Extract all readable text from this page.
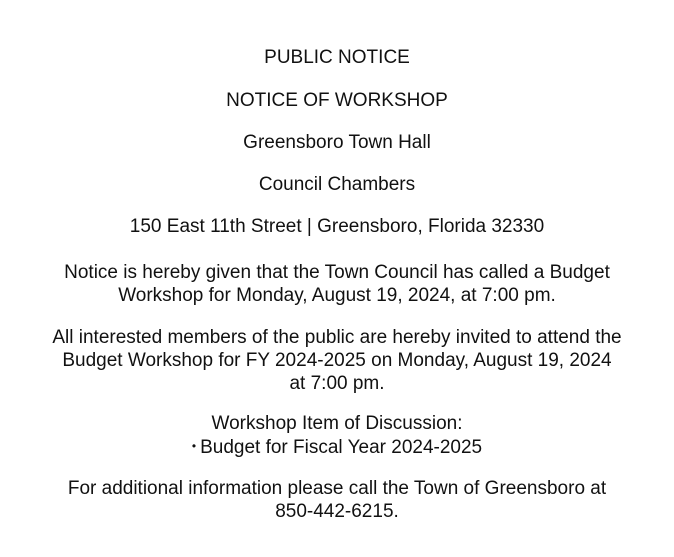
PUBLIC NOTICE
NOTICE OF WORKSHOP
Greensboro Town Hall
Council Chambers
150 East 11th Street | Greensboro, Florida 32330
Notice is hereby given that the Town Council has called a Budget
Workshop for Monday, August 19, 2024, at 7:00 pm.
All interested members of the public are hereby invited to attend the
Budget Workshop for FY 2024-2025 on Monday, August 19, 2024
at 7:00 pm.
Workshop Item of Discussion:
• Budget for Fiscal Year 2024-2025
For additional information please call the Town of Greensboro at
850-442-6215.
